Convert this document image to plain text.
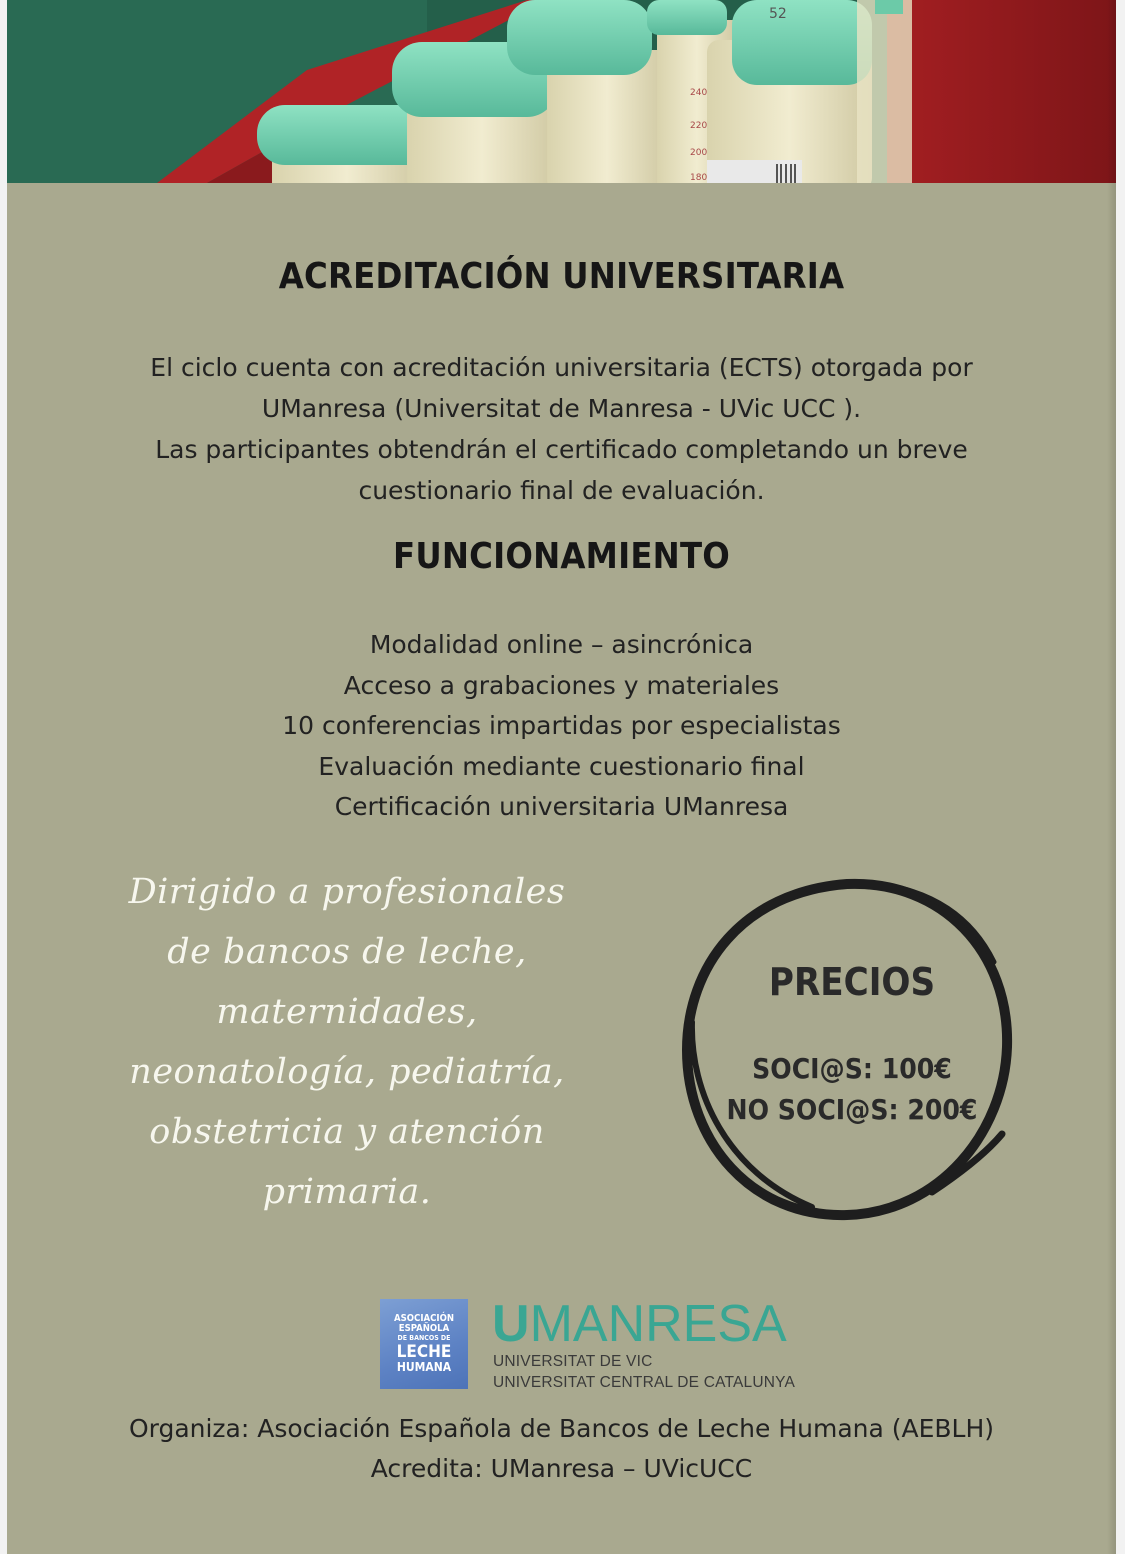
52
240
220
200
180
ACREDITACIÓN UNIVERSITARIA
El ciclo cuenta con acreditación universitaria (ECTS) otorgada por
UManresa (Universitat de Manresa - UVic UCC ).
Las participantes obtendrán el certificado completando un breve
cuestionario final de evaluación.
FUNCIONAMIENTO
Modalidad online – asincrónica
Acceso a grabaciones y materiales
10 conferencias impartidas por especialistas
Evaluación mediante cuestionario final
Certificación universitaria UManresa
Dirigido a profesionales
de bancos de leche,
maternidades,
neonatología, pediatría,
obstetricia y atención
primaria.
PRECIOS
SOCI@S: 100€
NO SOCI@S: 200€
ASOCIACIÓN
ESPAÑOLA
DE BANCOS DE
LECHE
HUMANA
UMANRESA
UNIVERSITAT DE VIC
UNIVERSITAT CENTRAL DE CATALUNYA
Organiza: Asociación Española de Bancos de Leche Humana (AEBLH)
Acredita: UManresa – UVicUCC
